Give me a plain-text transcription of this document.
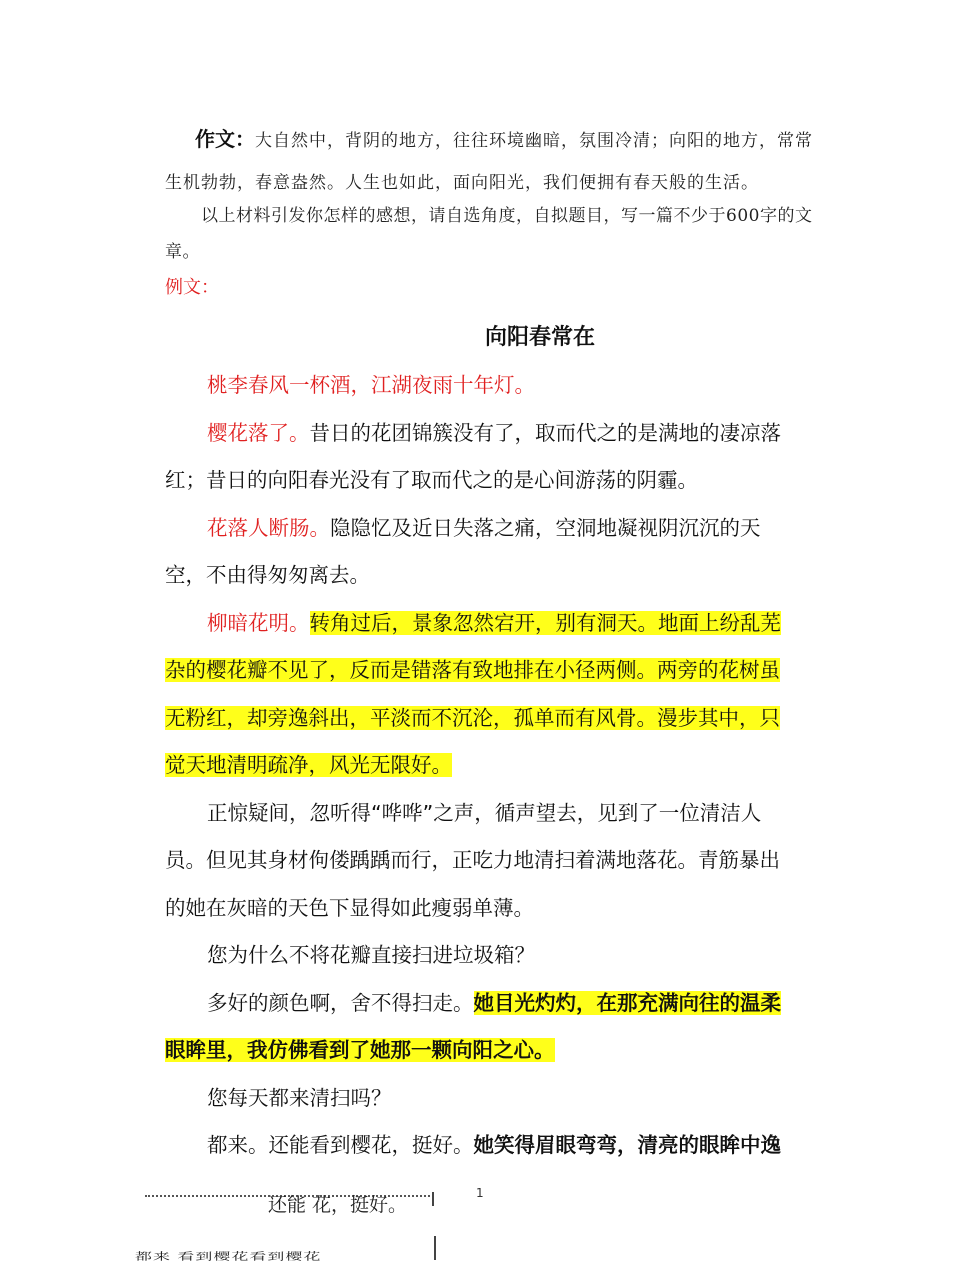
作文：大自然中，背阴的地方，往往环境幽暗，氛围冷清；向阳的地方，常常生机勃勃，春意盎然。人生也如此，面向阳光，我们便拥有春天般的生活。
以上材料引发你怎样的感想，请自选角度，自拟题目，写一篇不少于600字的文章。
例文：
向阳春常在

桃李春风一杯酒，江湖夜雨十年灯。

樱花落了。昔日的花团锦簇没有了，取而代之的是满地的凄凉落红；昔日的向阳春光没有了取而代之的是心间游荡的阴霾。

花落人断肠。隐隐忆及近日失落之痛，空洞地凝视阴沉沉的天空，不由得匆匆离去。

柳暗花明。转角过后，景象忽然宕开，别有洞天。地面上纷乱芜杂的樱花瓣不见了，反而是错落有致地排在小径两侧。两旁的花树虽无粉红，却旁逸斜出，平淡而不沉沦，孤单而有风骨。漫步其中，只觉天地清明疏净，风光无限好。

正惊疑间，忽听得“哗哗”之声，循声望去，见到了一位清洁人员。但见其身材佝偻踽踽而行，正吃力地清扫着满地落花。青筋暴出的她在灰暗的天色下显得如此瘦弱单薄。

您为什么不将花瓣直接扫进垃圾箱？

多好的颜色啊，舍不得扫走。她目光灼灼，在那充满向往的温柔眼眸里，我仿佛看到了她那一颗向阳之心。

您每天都来清扫吗？

都来。还能看到樱花，挺好。她笑得眉眼弯弯，清亮的眼眸中逸

还能 花，挺好。
1
都来 看到樱花看到樱花
